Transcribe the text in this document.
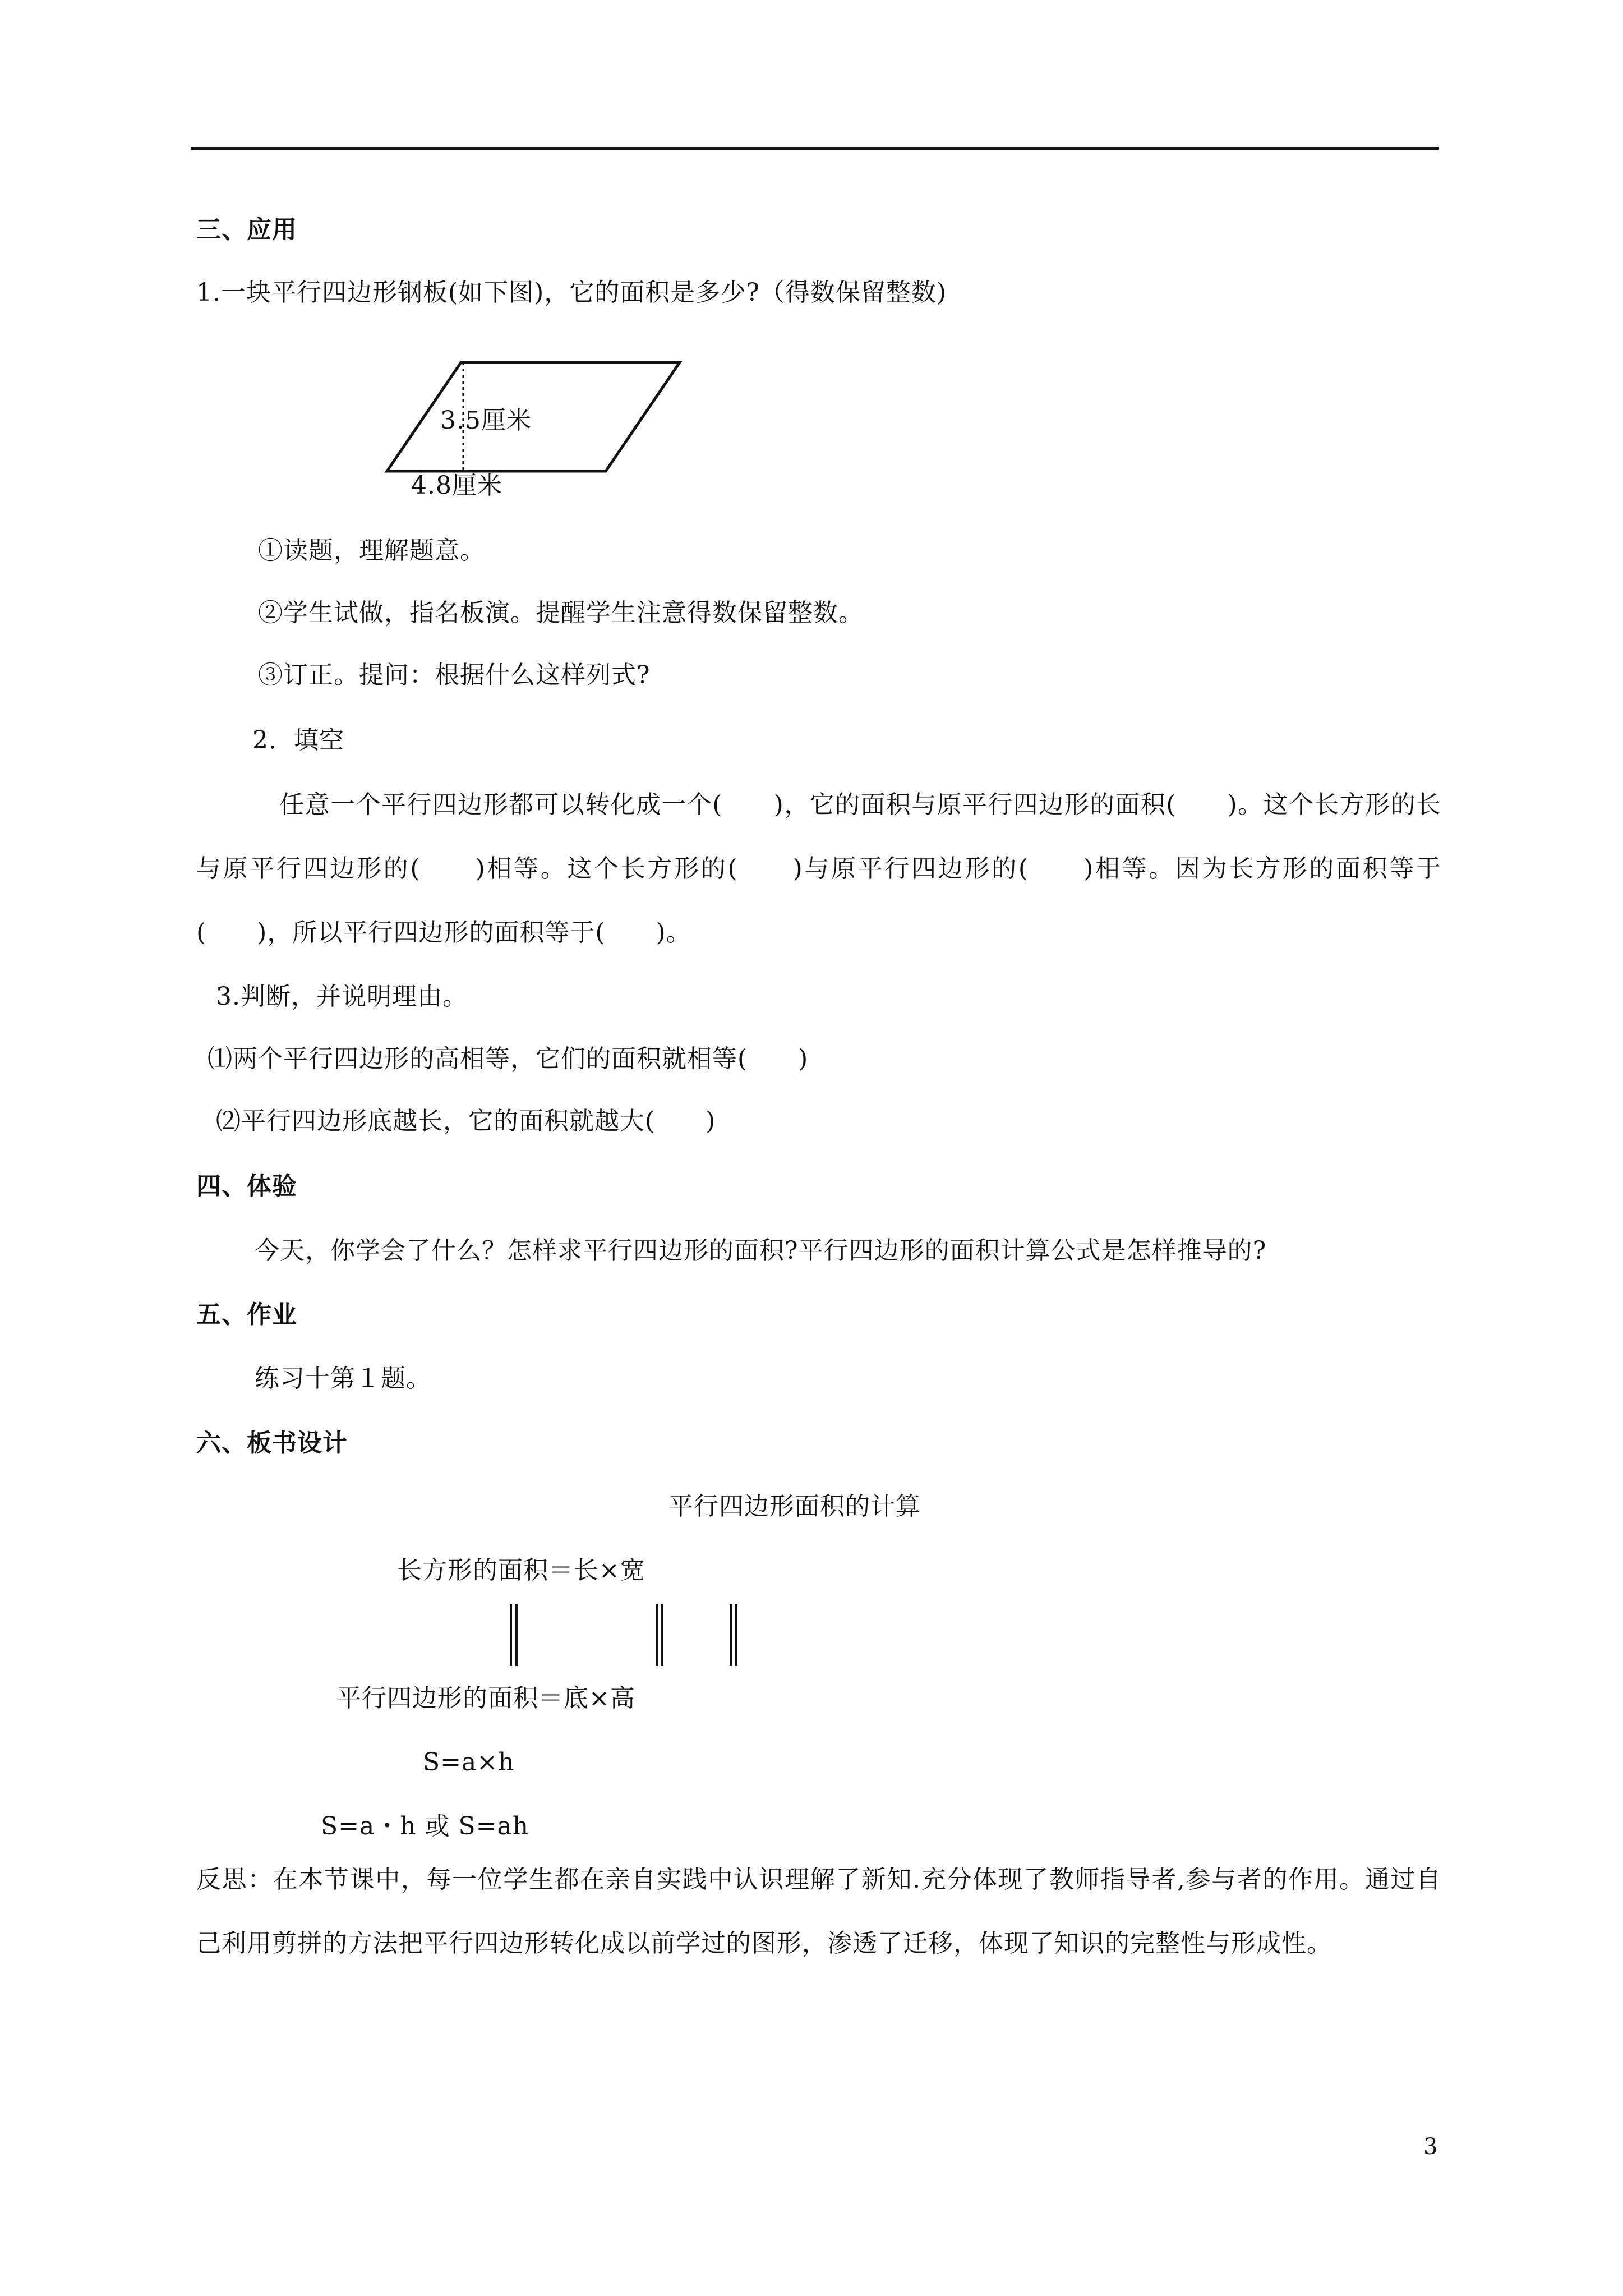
三、应用
1.一块平行四边形钢板(如下图)，它的面积是多少?（得数保留整数)
3.5厘米
4.8厘米
①读题，理解题意。
②学生试做，指名板演。提醒学生注意得数保留整数。
③订正。提问：根据什么这样列式?
2．填空
任意一个平行四边形都可以转化成一个(　　)，它的面积与原平行四边形的面积(　　)。这个长方形的长与原平行四边形的(　　)相等。这个长方形的(　　)与原平行四边形的(　　)相等。因为长方形的面积等于(　　)，所以平行四边形的面积等于(　　)。
3.判断，并说明理由。
⑴两个平行四边形的高相等，它们的面积就相等(　　)
⑵平行四边形底越长，它的面积就越大(　　)
四、体验
今天，你学会了什么？怎样求平行四边形的面积?平行四边形的面积计算公式是怎样推导的?
五、作业
练习十第１题。
六、板书设计
平行四边形面积的计算
长方形的面积＝长×宽
平行四边形的面积＝底×高
S=a×h
S=a・h 或 S=ah
反思：在本节课中，每一位学生都在亲自实践中认识理解了新知.充分体现了教师指导者,参与者的作用。通过自己利用剪拼的方法把平行四边形转化成以前学过的图形，渗透了迁移，体现了知识的完整性与形成性。
3
